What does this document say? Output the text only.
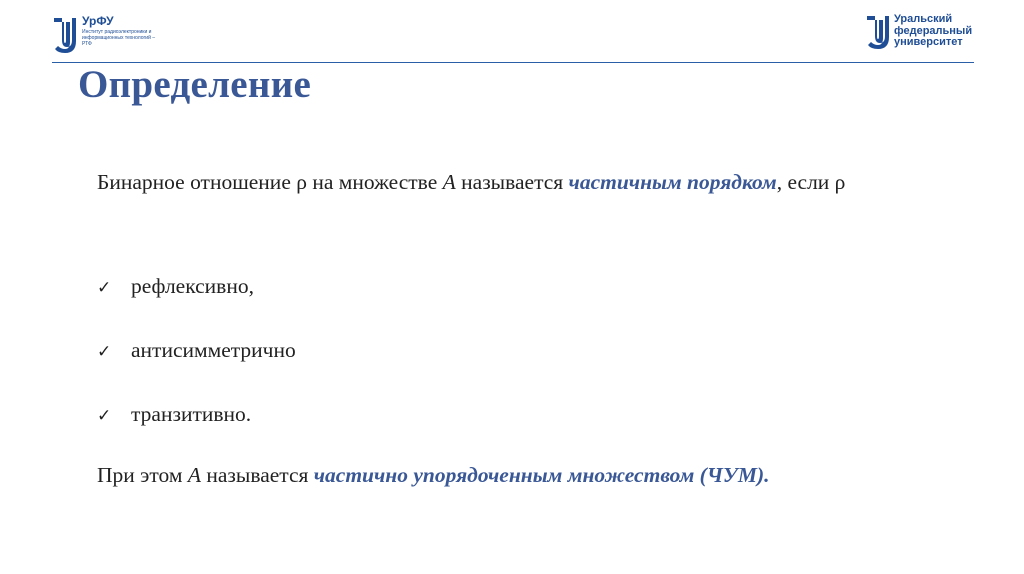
УрФУ
Институт радиоэлектроники и информационных технологий – РТФ
Уральский
федеральный
университет
Определение
Бинарное отношение ρ на множестве A называется частичным порядком, если ρ
✓ рефлексивно,
✓ антисимметрично
✓ транзитивно.
При этом A называется частично упорядоченным множеством (ЧУМ).
